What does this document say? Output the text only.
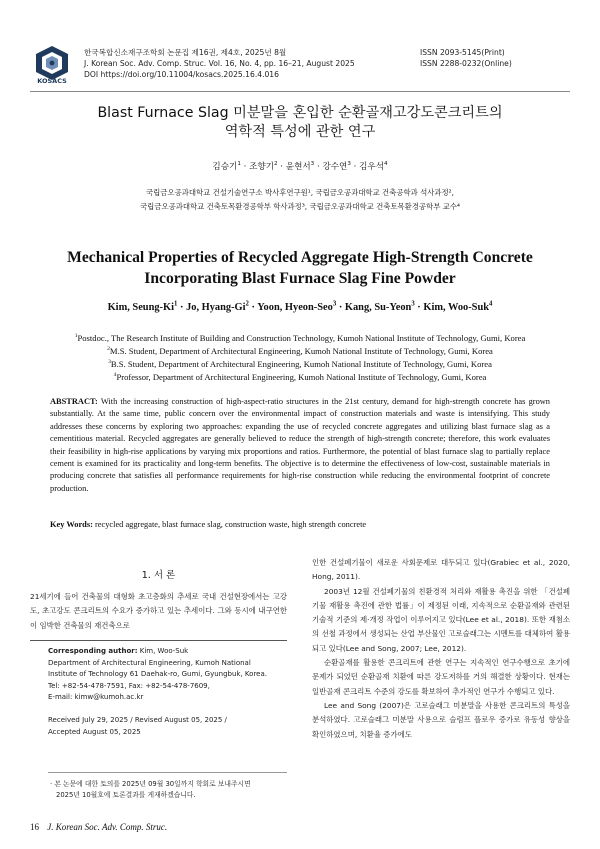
KOSACS
한국복합신소재구조학회 논문집 제16권, 제4호, 2025년 8월
J. Korean Soc. Adv. Comp. Struc. Vol. 16, No. 4, pp. 16–21, August 2025
DOI https://doi.org/10.11004/kosacs.2025.16.4.016
ISSN 2093-5145(Print)
ISSN 2288-0232(Online)
Blast Furnace Slag 미분말을 혼입한 순환골재고강도콘크리트의
역학적 특성에 관한 연구
김승기$^1$ · 조향기$^2$ · 윤현서$^3$ · 강수연$^3$ · 김우석$^4$
국립금오공과대학교 건설기술연구소 박사후연구원¹, 국립금오공과대학교 건축공학과 석사과정²,
국립금오공과대학교 건축토목환경공학부 학사과정³, 국립금오공과대학교 건축토목환경공학부 교수⁴
Mechanical Properties of Recycled Aggregate High-Strength Concrete
Incorporating Blast Furnace Slag Fine Powder
Kim, Seung-$Ki^1 \cdot Jo$, Hyang-$Gi^2$ · Yoon, Hyeon-Seo$^3$ · Kang, Su-Yeon$^3$ · Kim, Woo-Suk$^4$
$^1$Postdoc., The Research Institute of Building and Construction Technology, Kumoh National Institute of Technology, Gumi, Korea
$^2$M.S. Student, Department of Architectural Engineering, Kumoh National Institute of Technology, Gumi, Korea
$^3$B.S. Student, Department of Architectural Engineering, Kumoh National Institute of Technology, Gumi, Korea
$^4$Professor, Department of Architectural Engineering, Kumoh National Institute of Technology, Gumi, Korea
ABSTRACT: With the increasing construction of high-aspect-ratio structures in the 21st century, demand for high-strength concrete has grown substantially. At the same time, public concern over the environmental impact of construction materials and waste is intensifying. This study addresses these concerns by exploring two approaches: expanding the use of recycled concrete aggregates and utilizing blast furnace slag as a cementitious material. Recycled aggregates are generally believed to reduce the strength of high-strength concrete; therefore, this work evaluates their feasibility in high-rise applications by varying mix proportions and ratios. Furthermore, the potential of blast furnace slag to partially replace cement is examined for its practicality and long-term benefits. The objective is to determine the effectiveness of low-cost, sustainable materials in producing concrete that satisfies all performance requirements for high-rise construction while reducing the environmental footprint of concrete production.
Key Words: recycled aggregate, blast furnace slag, construction waste, high strength concrete
1. 서 론
21세기에 들어 건축물의 대형화 초고층화의 추세로 국내 건설현장에서는 고강도, 초고강도 콘크리트의 수요가 증가하고 있는 추세이다. 그와 동시에 내구연한이 임박한 건축물의 재건축으로
Corresponding author: Kim, Woo-Suk
Department of Architectural Engineering, Kumoh National
Institute of Technology 61 Daehak-ro, Gumi, Gyungbuk, Korea.
Tel: +82-54-478-7591, Fax: +82-54-478-7609,
E-mail: kimw@kumoh.ac.kr
Received July 29, 2025 / Revised August 05, 2025 /
Accepted August 05, 2025
· 본 논문에 대한 토의를 2025년 09월 30일까지 학회로 보내주시면
2025년 10월호에 토론결과를 게재하겠습니다.
인한 건설폐기물이 새로운 사회문제로 대두되고 있다(Grabiec et al., 2020, Hong, 2011).
2003년 12월 건설폐기물의 친환경적 처리와 재활용 촉진을 위한 「건설폐기물 재활용 촉진에 관한 법률」이 제정된 이래, 지속적으로 순환골재와 관련된 기술적 기준의 제·개정 작업이 이루어지고 있다(Lee et al., 2018). 또한 재첨소의 선철 과정에서 생성되는 산업 부산물인 고로슬래그는 시멘트를 대체하여 활용되고 있다(Lee and Song, 2007; Lee, 2012).
순환골재를 활용한 콘크리트에 관한 연구는 지속적인 연구수행으로 초기에 문제가 되었던 순환골재 치환에 따른 강도저하를 거의 해결한 상황이다. 현재는 일반골재 콘크리트 수준의 강도를 확보하여 추가적인 연구가 수행되고 있다.
Lee and Song (2007)은 고로슬래그 미분말을 사용한 콘크리트의 특성을 분석하였다. 고로슬래그 미분말 사용으로 슬럼프 플로우 증가로 유동성 향상을 확인하였으며, 치환율 증가에도
16 J. Korean Soc. Adv. Comp. Struc.
